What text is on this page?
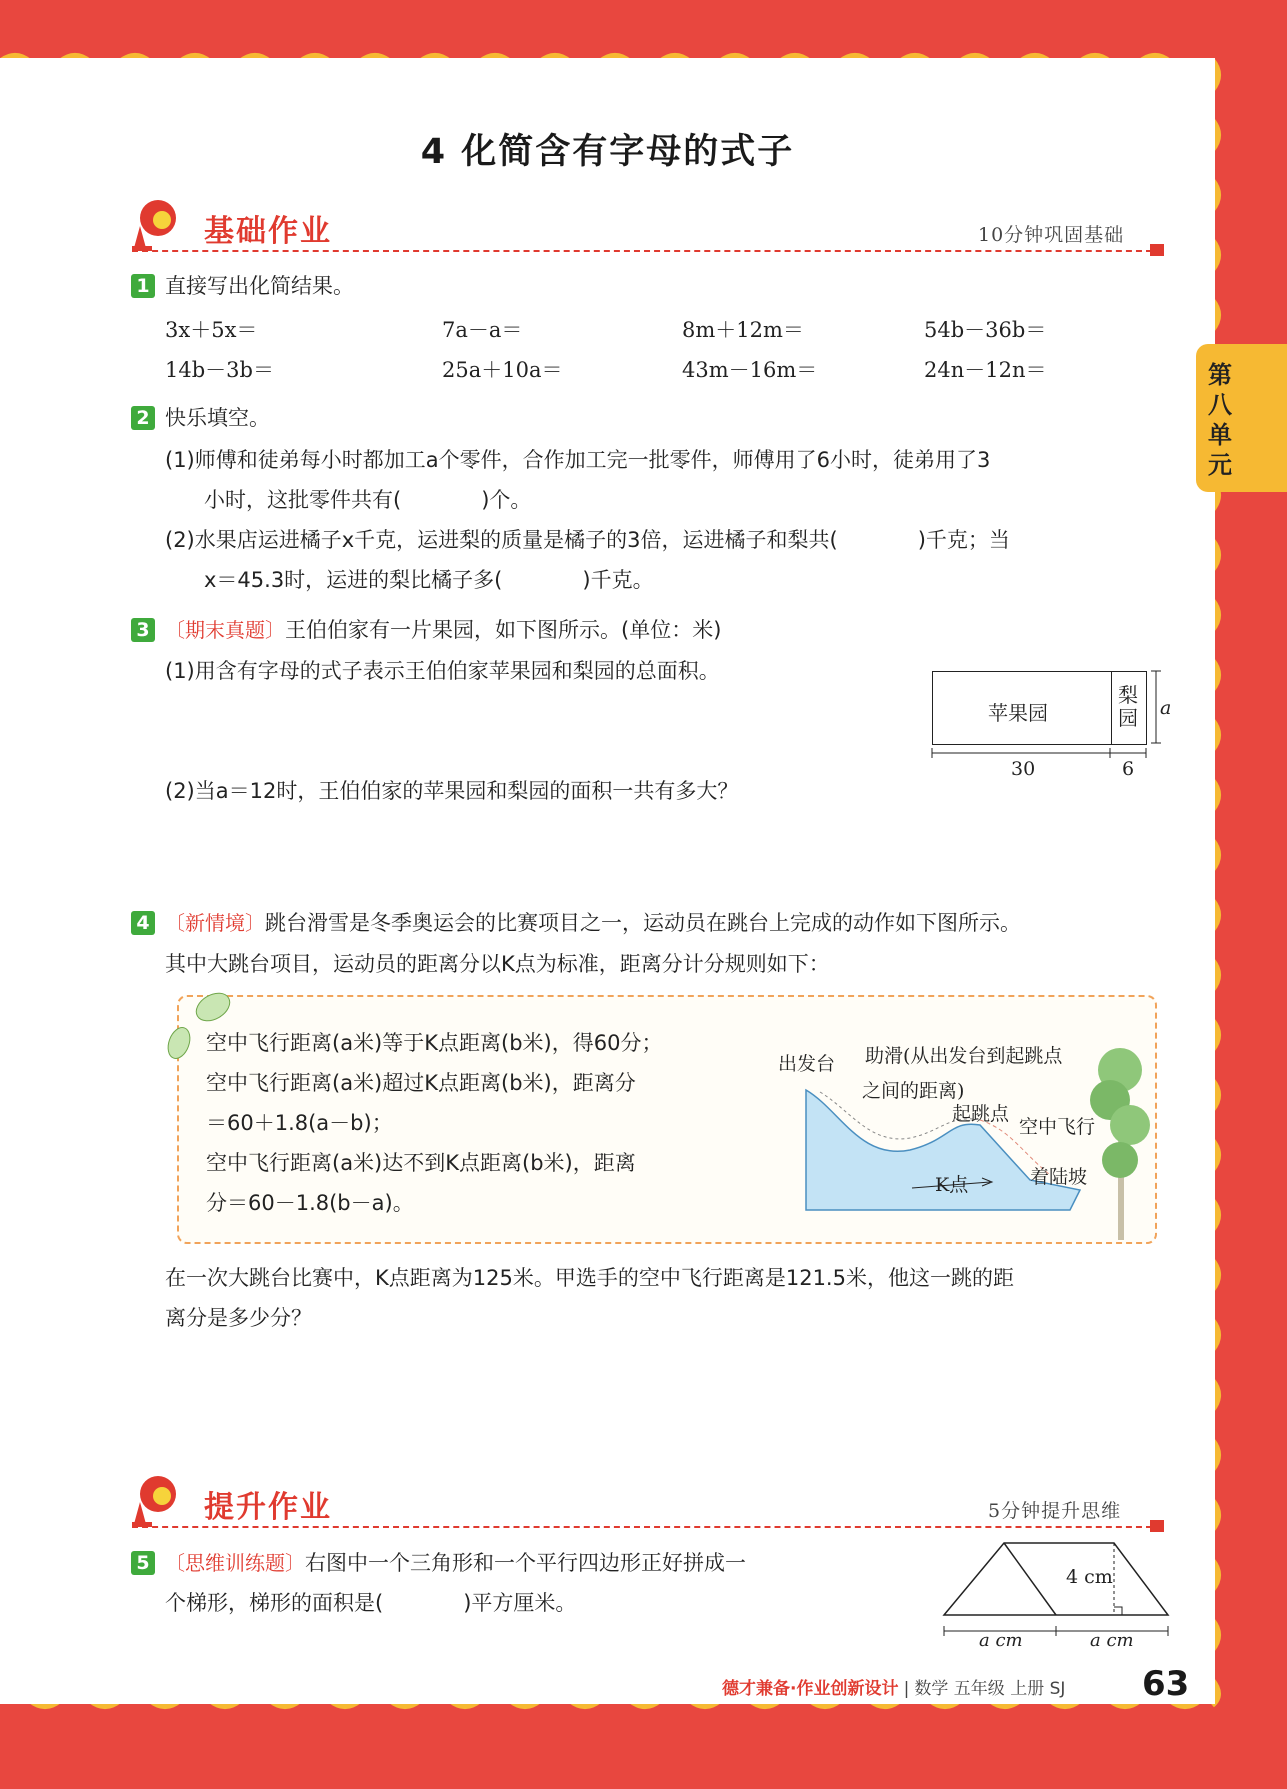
第
八
单
元
4 化简含有字母的式子
基础作业	10分钟巩固基础
1 直接写出化简结果。
3x＋5x＝	7a－a＝	8m＋12m＝	54b－36b＝
14b－3b＝	25a＋10a＝	43m－16m＝	24n－12n＝
2 快乐填空。
(1)师傅和徒弟每小时都加工a个零件，合作加工完一批零件，师傅用了6小时，徒弟用了3
小时，这批零件共有(	)个。
(2)水果店运进橘子x千克，运进梨的质量是橘子的3倍，运进橘子和梨共(	)千克；当
x＝45.3时，运进的梨比橘子多(	)千克。
3 〔期末真题〕王伯伯家有一片果园，如下图所示。(单位：米)
(1)用含有字母的式子表示王伯伯家苹果园和梨园的总面积。
(2)当a＝12时，王伯伯家的苹果园和梨园的面积一共有多大？
苹果园
梨园
30	6
a
4 〔新情境〕跳台滑雪是冬季奥运会的比赛项目之一，运动员在跳台上完成的动作如下图所示。
其中大跳台项目，运动员的距离分以K点为标准，距离分计分规则如下：
空中飞行距离(a米)等于K点距离(b米)，得60分；
空中飞行距离(a米)超过K点距离(b米)，距离分
＝60＋1.8(a－b)；
空中飞行距离(a米)达不到K点距离(b米)，距离
分＝60－1.8(b－a)。
出发台 助滑(从出发台到起跳点
之间的距离)
起跳点
空中飞行
K点	着陆坡
在一次大跳台比赛中，K点距离为125米。甲选手的空中飞行距离是121.5米，他这一跳的距
离分是多少分？
提升作业	5分钟提升思维
5 〔思维训练题〕右图中一个三角形和一个平行四边形正好拼成一
个梯形，梯形的面积是(	)平方厘米。
4 cm
a cm	a cm
德才兼备·作业创新设计 | 数学 五年级 上册 SJ 63
